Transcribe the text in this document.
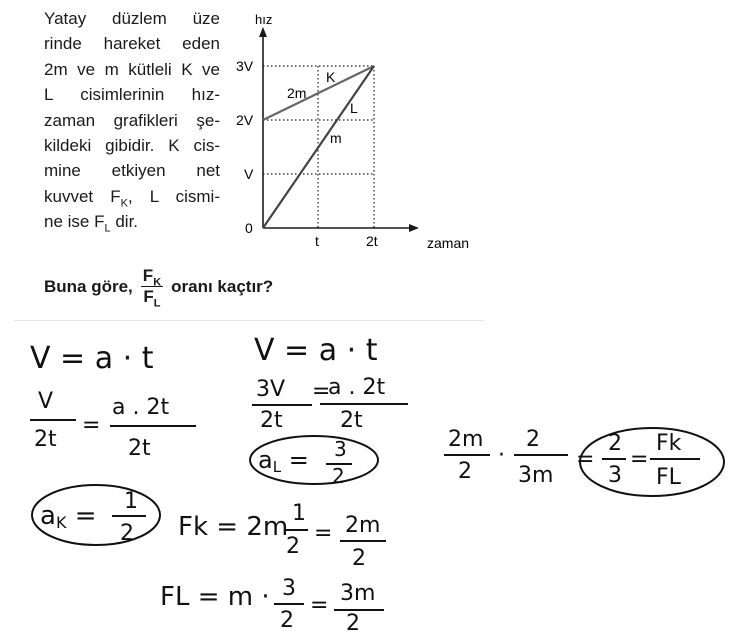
Yatay düzlem üze
rinde hareket eden
2m ve m kütleli K ve
L cisimlerinin hız-
zaman grafikleri şe-
kildeki gibidir. K cis-
mine etkiyen net
kuvvet $F_K$, L cismi-
ne ise $F_L$ dir.
Buna göre, $\frac{F_K}{F_L}$ oranı kaçtır?
hız
zaman
0
V
2V
3V
t	2t
K
L
2m
m
V = a · t
V
2t
=
a . 2t
2t
aK = 1
2 Fk = 2m 1
2
= 2m
2
FL = m · 3
2
= 3m
2
V = a · t
3V
2t
=
a . 2t
2t
aL = 3
2
2m
2
·
2
3m
=
2
3
=
Fk
FL
